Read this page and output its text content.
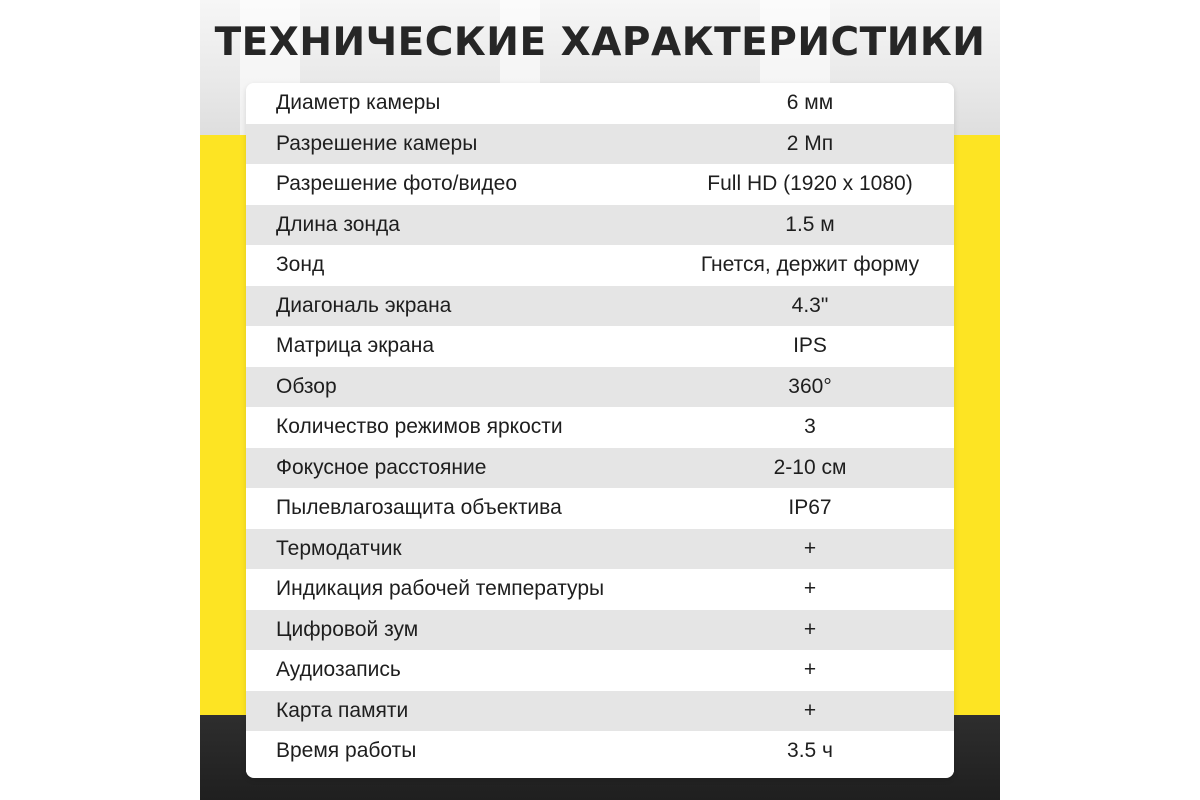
ТЕХНИЧЕСКИЕ ХАРАКТЕРИСТИКИ
Диаметр камеры	6 мм
Разрешение камеры	2 Мп
Разрешение фото/видео	Full HD (1920 x 1080)
Длина зонда	1.5 м
Зонд	Гнется, держит форму
Диагональ экрана	4.3"
Матрица экрана	IPS
Обзор	360°
Количество режимов яркости	3
Фокусное расстояние	2-10 см
Пылевлагозащита объектива	IP67
Термодатчик	+
Индикация рабочей температуры	+
Цифровой зум	+
Аудиозапись	+
Карта памяти	+
Время работы	3.5 ч
